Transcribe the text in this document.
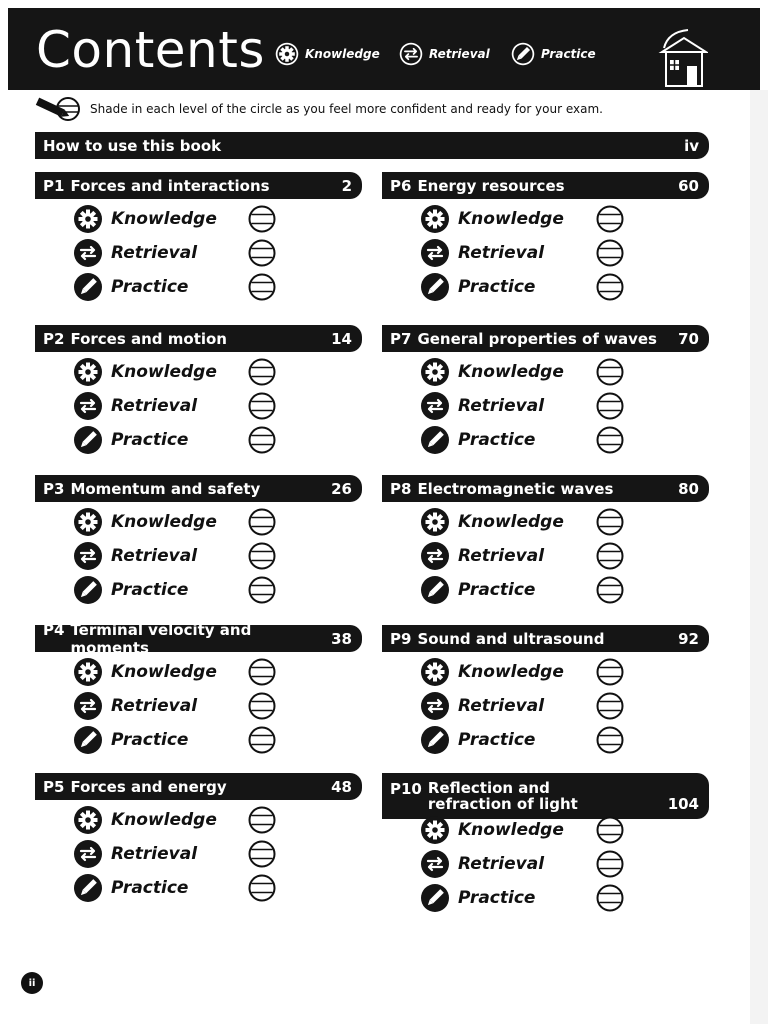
Contents	Knowledge	Retrieval	Practice
Shade in each level of the circle as you feel more confident and ready for your exam.
How to use this book	iv
P1 Forces and interactions	2
Knowledge
Retrieval
Practice
P2 Forces and motion	14
Knowledge
Retrieval
Practice
P3 Momentum and safety	26
Knowledge
Retrieval
Practice
P4 Terminal velocity and moments	38
Knowledge
Retrieval
Practice
P5 Forces and energy	48
Knowledge
Retrieval
Practice
P6 Energy resources	60
Knowledge
Retrieval
Practice
P7 General properties of waves 70
Knowledge
Retrieval
Practice
P8 Electromagnetic waves	80
Knowledge
Retrieval
Practice
P9 Sound and ultrasound	92
Knowledge
Retrieval
Practice
P10 Reflection and refraction of light	104
Knowledge
Retrieval
Practice
ii
